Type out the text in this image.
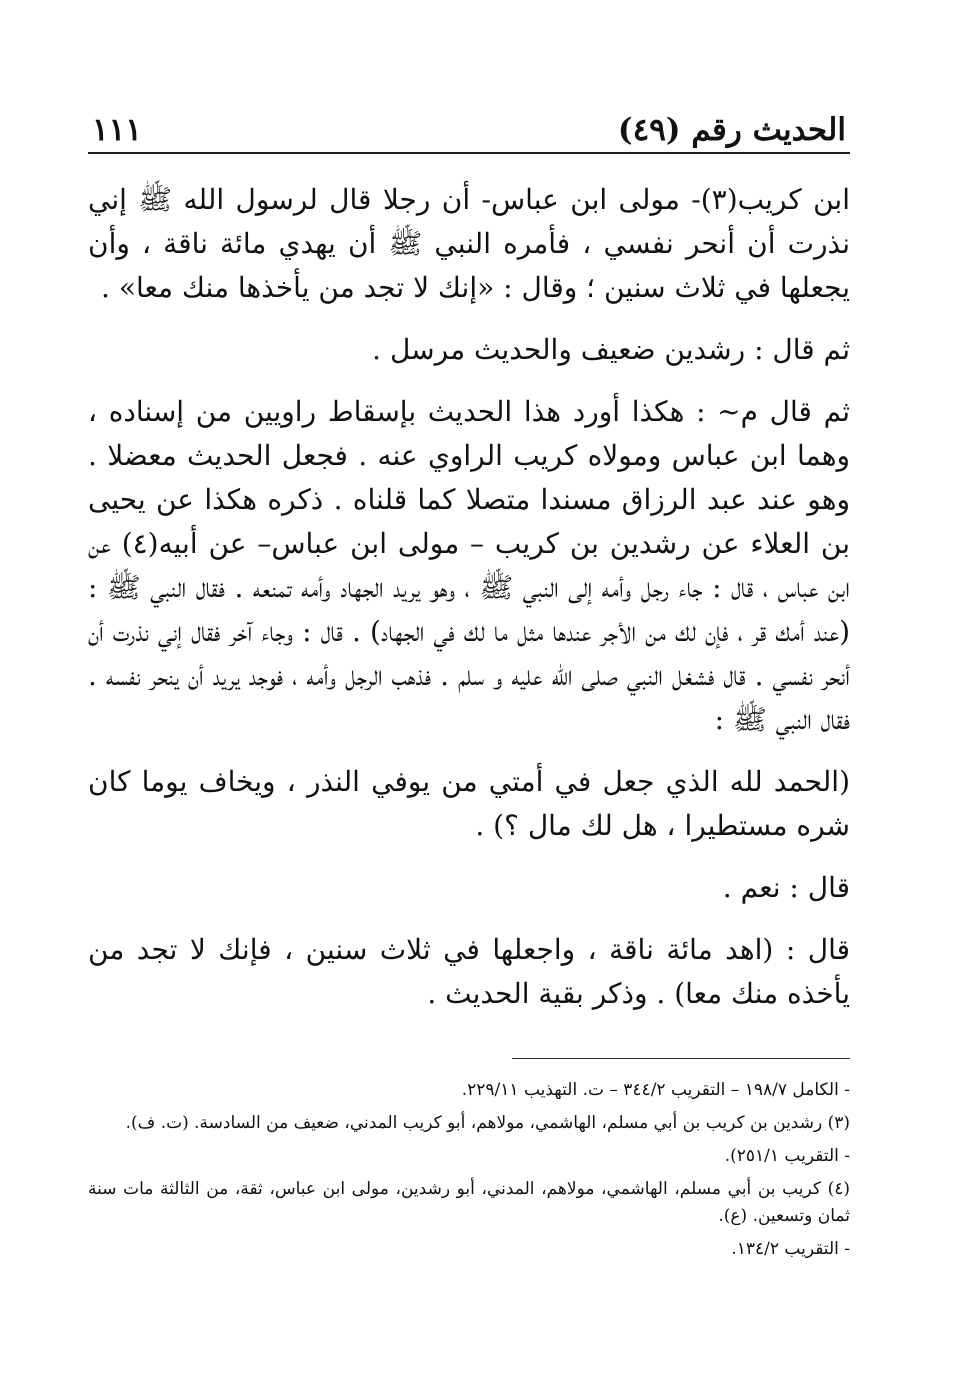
الحديث رقم (٤٩)
١١١

ابن كريب(٣)- مولى ابن عباس- أن رجلا قال لرسول الله ﷺ إني نذرت أن أنحر نفسي ، فأمره النبي ﷺ أن يهدي مائة ناقة ، وأن يجعلها في ثلاث سنين ؛ وقال : «إنك لا تجد من يأخذها منك معا» .

ثم قال : رشدين ضعيف والحديث مرسل .

ثم قال م~ : هكذا أورد هذا الحديث بإسقاط راويين من إسناده ، وهما ابن عباس ومولاه كريب الراوي عنه . فجعل الحديث معضلا . وهو عند عبد الرزاق مسندا متصلا كما قلناه . ذكره هكذا عن يحيى بن العلاء عن رشدين بن كريب – مولى ابن عباس– عن أبيه(٤) عن ابن عباس ، قال : جاء رجل وأمه إلى النبي ﷺ ، وهو يريد الجهاد وأمه تمنعه . فقال النبي ﷺ : (عند أمك قر ، فإن لك من الأجر عندها مثل ما لك في الجهاد) . قال : وجاء آخر فقال إني نذرت أن أنحر نفسي . قال فشغل النبي صلى الله عليه و سلم . فذهب الرجل وأمه ، فوجد يريد أن ينحر نفسه . فقال النبي ﷺ :

(الحمد لله الذي جعل في أمتي من يوفي النذر ، ويخاف يوما كان شره مستطيرا ، هل لك مال ؟) .

قال : نعم .

قال : (اهد مائة ناقة ، واجعلها في ثلاث سنين ، فإنك لا تجد من يأخذه منك معا) . وذكر بقية الحديث .

- الكامل ١٩٨/٧ – التقريب ٣٤٤/٢ – ت. التهذيب ٢٢٩/١١.

(٣) رشدين بن كريب بن أبي مسلم، الهاشمي، مولاهم، أبو كريب المدني، ضعيف من السادسة. (ت. ف).

- التقريب ٢٥١/١).

(٤) كريب بن أبي مسلم، الهاشمي، مولاهم، المدني، أبو رشدين، مولى ابن عباس، ثقة، من الثالثة مات سنة ثمان وتسعين. (ع).

- التقريب ١٣٤/٢.
